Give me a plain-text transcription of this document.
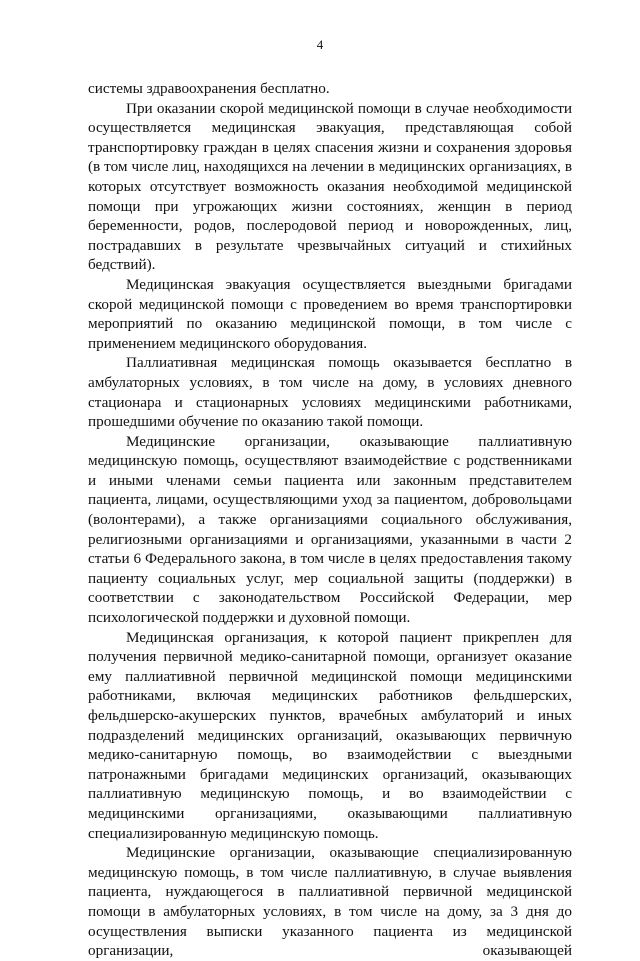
4

системы здравоохранения бесплатно.

При оказании скорой медицинской помощи в случае необходимости осуществляется медицинская эвакуация, представляющая собой транспортировку граждан в целях спасения жизни и сохранения здоровья (в том числе лиц, находящихся на лечении в медицинских организациях, в которых отсутствует возможность оказания необходимой медицинской помощи при угрожающих жизни состояниях, женщин в период беременности, родов, послеродовой период и новорожденных, лиц, пострадавших в результате чрезвычайных ситуаций и стихийных бедствий).

Медицинская эвакуация осуществляется выездными бригадами скорой медицинской помощи с проведением во время транспортировки мероприятий по оказанию медицинской помощи, в том числе с применением медицинского оборудования.

Паллиативная медицинская помощь оказывается бесплатно в амбулаторных условиях, в том числе на дому, в условиях дневного стационара и стационарных условиях медицинскими работниками, прошедшими обучение по оказанию такой помощи.

Медицинские организации, оказывающие паллиативную медицинскую помощь, осуществляют взаимодействие с родственниками и иными членами семьи пациента или законным представителем пациента, лицами, осуществляющими уход за пациентом, добровольцами (волонтерами), а также организациями социального обслуживания, религиозными организациями и организациями, указанными в части 2 статьи 6 Федерального закона, в том числе в целях предоставления такому пациенту социальных услуг, мер социальной защиты (поддержки) в соответствии с законодательством Российской Федерации, мер психологической поддержки и духовной помощи.

Медицинская организация, к которой пациент прикреплен для получения первичной медико-санитарной помощи, организует оказание ему паллиативной первичной медицинской помощи медицинскими работниками, включая медицинских работников фельдшерских, фельдшерско-акушерских пунктов, врачебных амбулаторий и иных подразделений медицинских организаций, оказывающих первичную медико-санитарную помощь, во взаимодействии с выездными патронажными бригадами медицинских организаций, оказывающих паллиативную медицинскую помощь, и во взаимодействии с медицинскими организациями, оказывающими паллиативную специализированную медицинскую помощь.

Медицинские организации, оказывающие специализированную медицинскую помощь, в том числе паллиативную, в случае выявления пациента, нуждающегося в паллиативной первичной медицинской помощи в амбулаторных условиях, в том числе на дому, за 3 дня до осуществления выписки указанного пациента из медицинской организации, оказывающей
